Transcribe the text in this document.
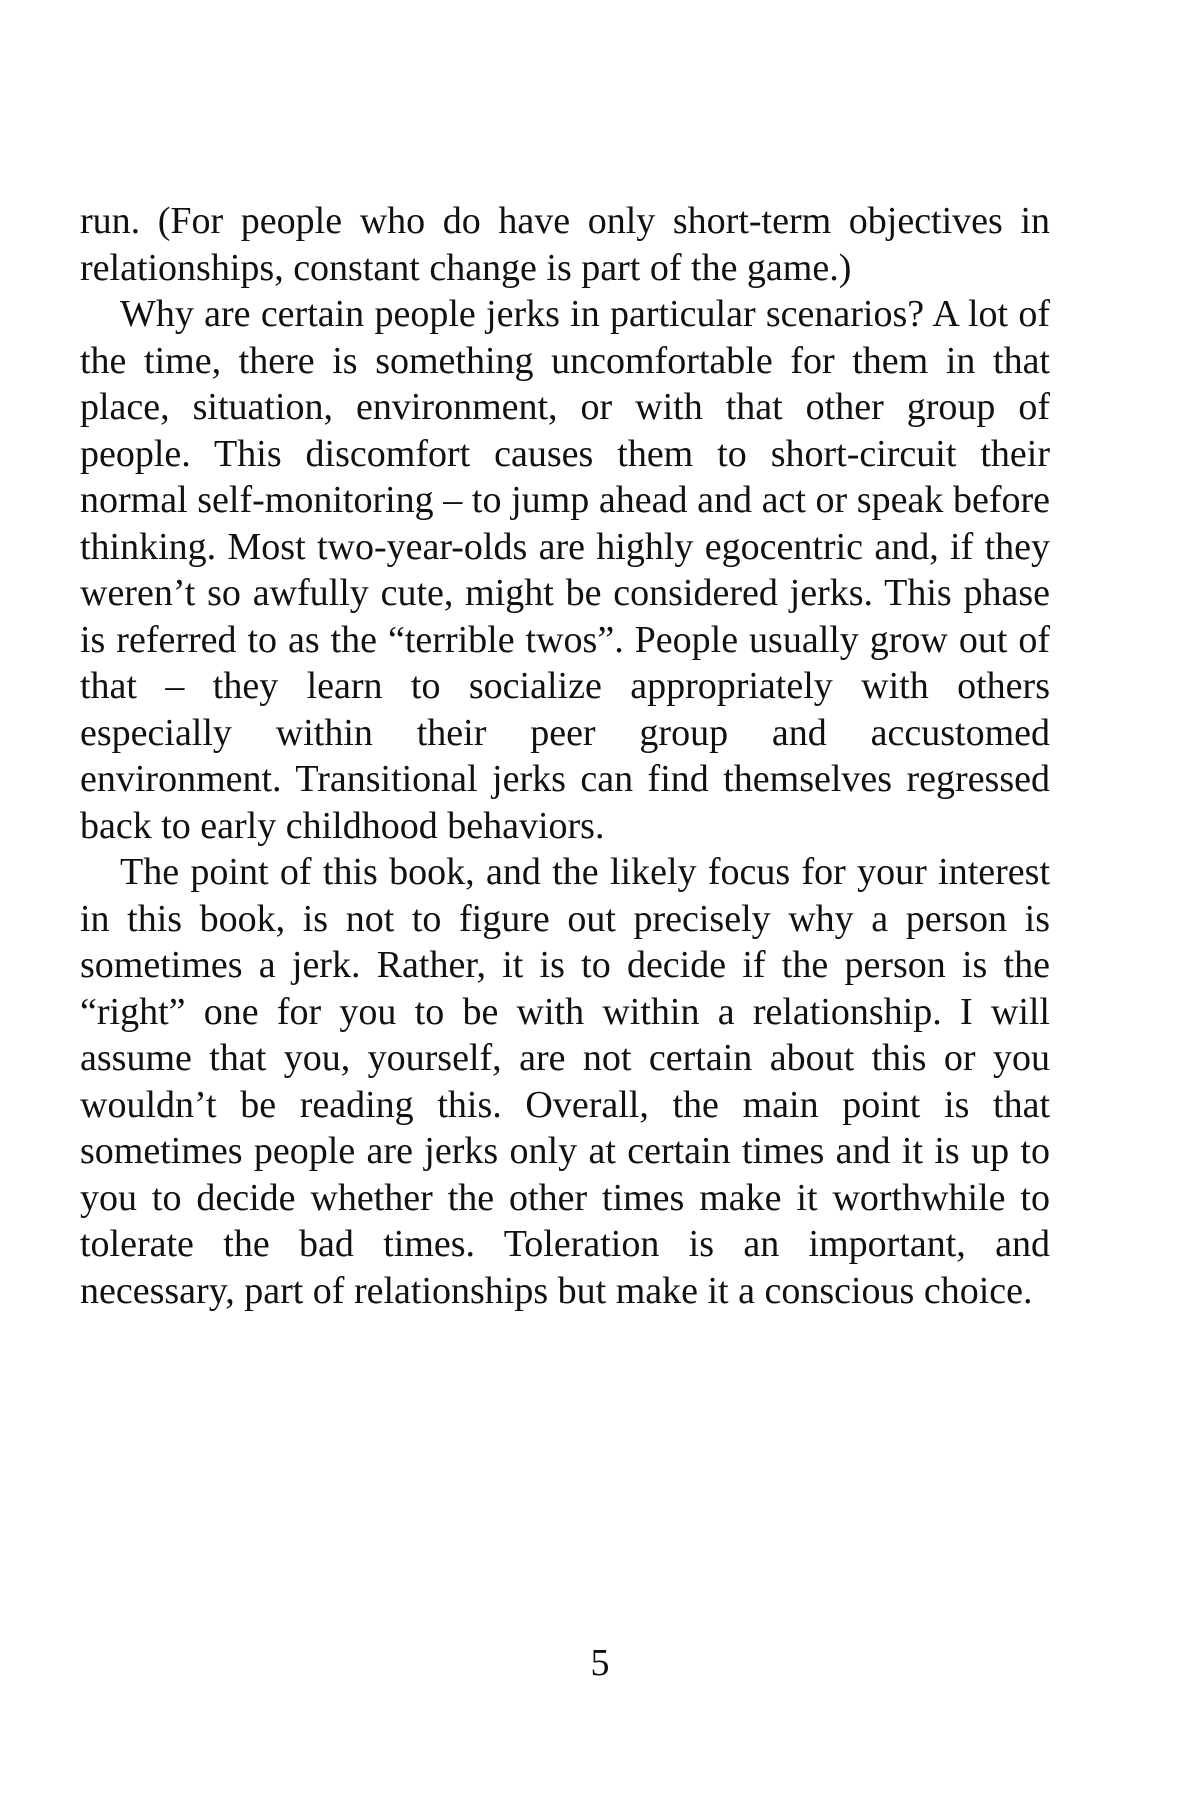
run. (For people who do have only short-term objectives in relationships, constant change is part of the game.)

Why are certain people jerks in particular scenarios? A lot of the time, there is something uncomfortable for them in that place, situation, environment, or with that other group of people. This discomfort causes them to short-circuit their normal self-monitoring – to jump ahead and act or speak before thinking. Most two-year-olds are highly egocentric and, if they weren’t so awfully cute, might be considered jerks. This phase is referred to as the “terrible twos”. People usually grow out of that – they learn to socialize appropriately with others especially within their peer group and accustomed environment. Transitional jerks can find themselves regressed back to early childhood behaviors.

The point of this book, and the likely focus for your interest in this book, is not to figure out precisely why a person is sometimes a jerk. Rather, it is to decide if the person is the “right” one for you to be with within a relationship. I will assume that you, yourself, are not certain about this or you wouldn’t be reading this. Overall, the main point is that sometimes people are jerks only at certain times and it is up to you to decide whether the other times make it worthwhile to tolerate the bad times. Toleration is an important, and necessary, part of relationships but make it a conscious choice.

5
